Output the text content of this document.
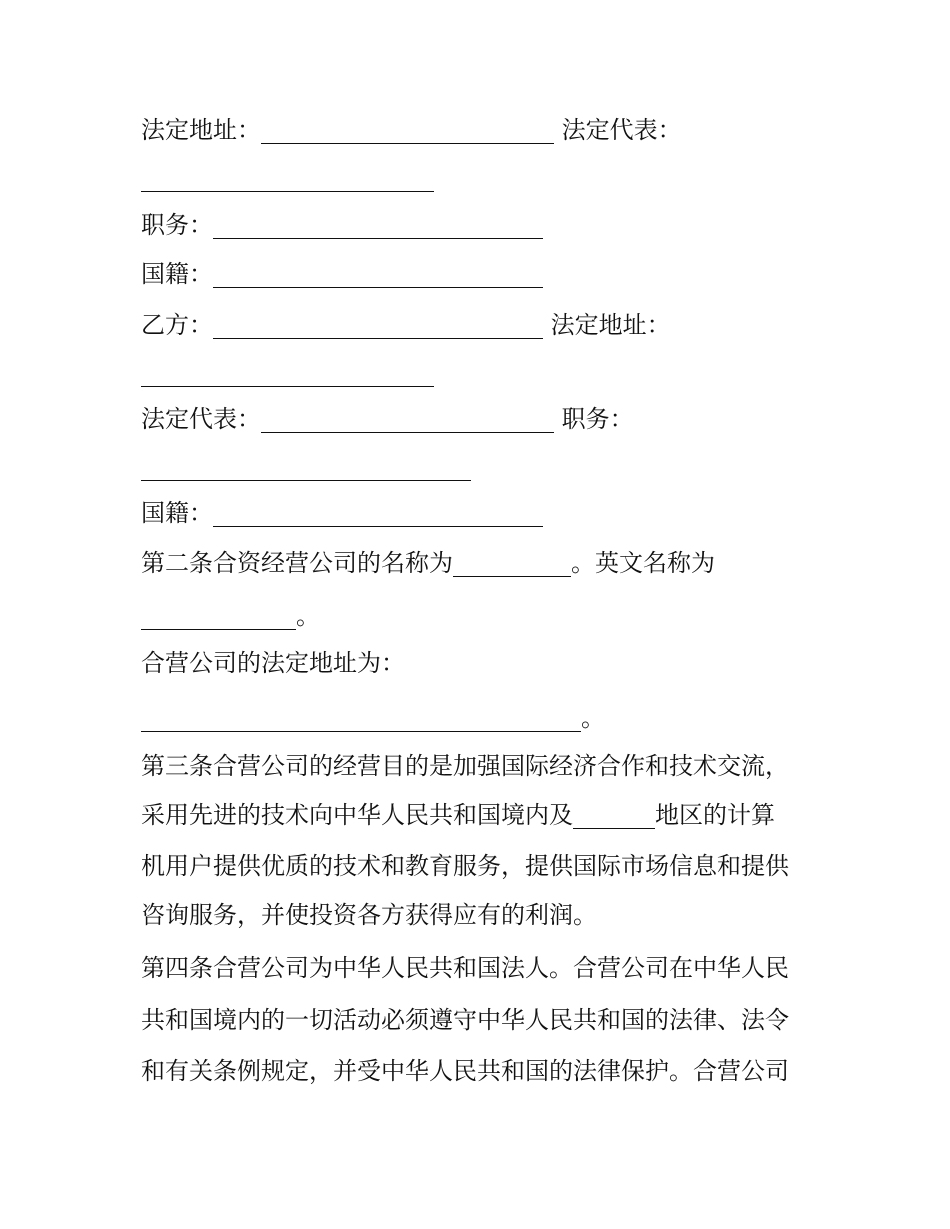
法定地址：	法定代表：
职务：
国籍：
乙方：	法定地址：
法定代表：	职务：
国籍：
第二条合资经营公司的名称为	。英文名称为
。
合营公司的法定地址为：
。
第三条合营公司的经营目的是加强国际经济合作和技术交流，
采用先进的技术向中华人民共和国境内及	地区的计算
机用户提供优质的技术和教育服务，提供国际市场信息和提供
咨询服务，并使投资各方获得应有的利润。
第四条合营公司为中华人民共和国法人。合营公司在中华人民
共和国境内的一切活动必须遵守中华人民共和国的法律、法令
和有关条例规定，并受中华人民共和国的法律保护。合营公司
